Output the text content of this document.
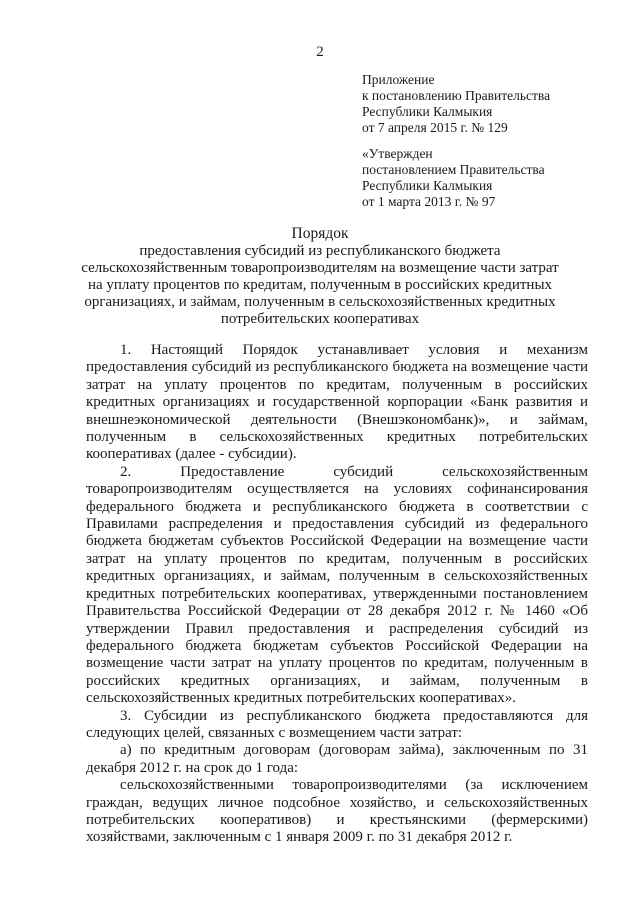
2
Приложение
к постановлению Правительства
Республики Калмыкия
от 7 апреля 2015 г. № 129
«Утвержден
постановлением Правительства
Республики Калмыкия
от 1 марта 2013 г. № 97
Порядок
предоставления субсидий из республиканского бюджета сельскохозяйственным товаропроизводителям на возмещение части затрат на уплату процентов по кредитам, полученным в российских кредитных организациях, и займам, полученным в сельскохозяйственных кредитных потребительских кооперативах

1. Настоящий Порядок устанавливает условия и механизм предоставления субсидий из республиканского бюджета на возмещение части затрат на уплату процентов по кредитам, полученным в российских кредитных организациях и государственной корпорации «Банк развития и внешнеэкономической деятельности (Внешэкономбанк)», и займам, полученным в сельскохозяйственных кредитных потребительских кооперативах (далее - субсидии).

2. Предоставление субсидий сельскохозяйственным товаропроизводителям осуществляется на условиях софинансирования федерального бюджета и республиканского бюджета в соответствии с Правилами распределения и предоставления субсидий из федерального бюджета бюджетам субъектов Российской Федерации на возмещение части затрат на уплату процентов по кредитам, полученным в российских кредитных организациях, и займам, полученным в сельскохозяйственных кредитных потребительских кооперативах, утвержденными постановлением Правительства Российской Федерации от 28 декабря 2012 г. № 1460 «Об утверждении Правил предоставления и распределения субсидий из федерального бюджета бюджетам субъектов Российской Федерации на возмещение части затрат на уплату процентов по кредитам, полученным в российских кредитных организациях, и займам, полученным в сельскохозяйственных кредитных потребительских кооперативах».

3. Субсидии из республиканского бюджета предоставляются для следующих целей, связанных с возмещением части затрат:

а) по кредитным договорам (договорам займа), заключенным по 31 декабря 2012 г. на срок до 1 года:

сельскохозяйственными товаропроизводителями (за исключением граждан, ведущих личное подсобное хозяйство, и сельскохозяйственных потребительских кооперативов) и крестьянскими (фермерскими) хозяйствами, заключенным с 1 января 2009 г. по 31 декабря 2012 г.
